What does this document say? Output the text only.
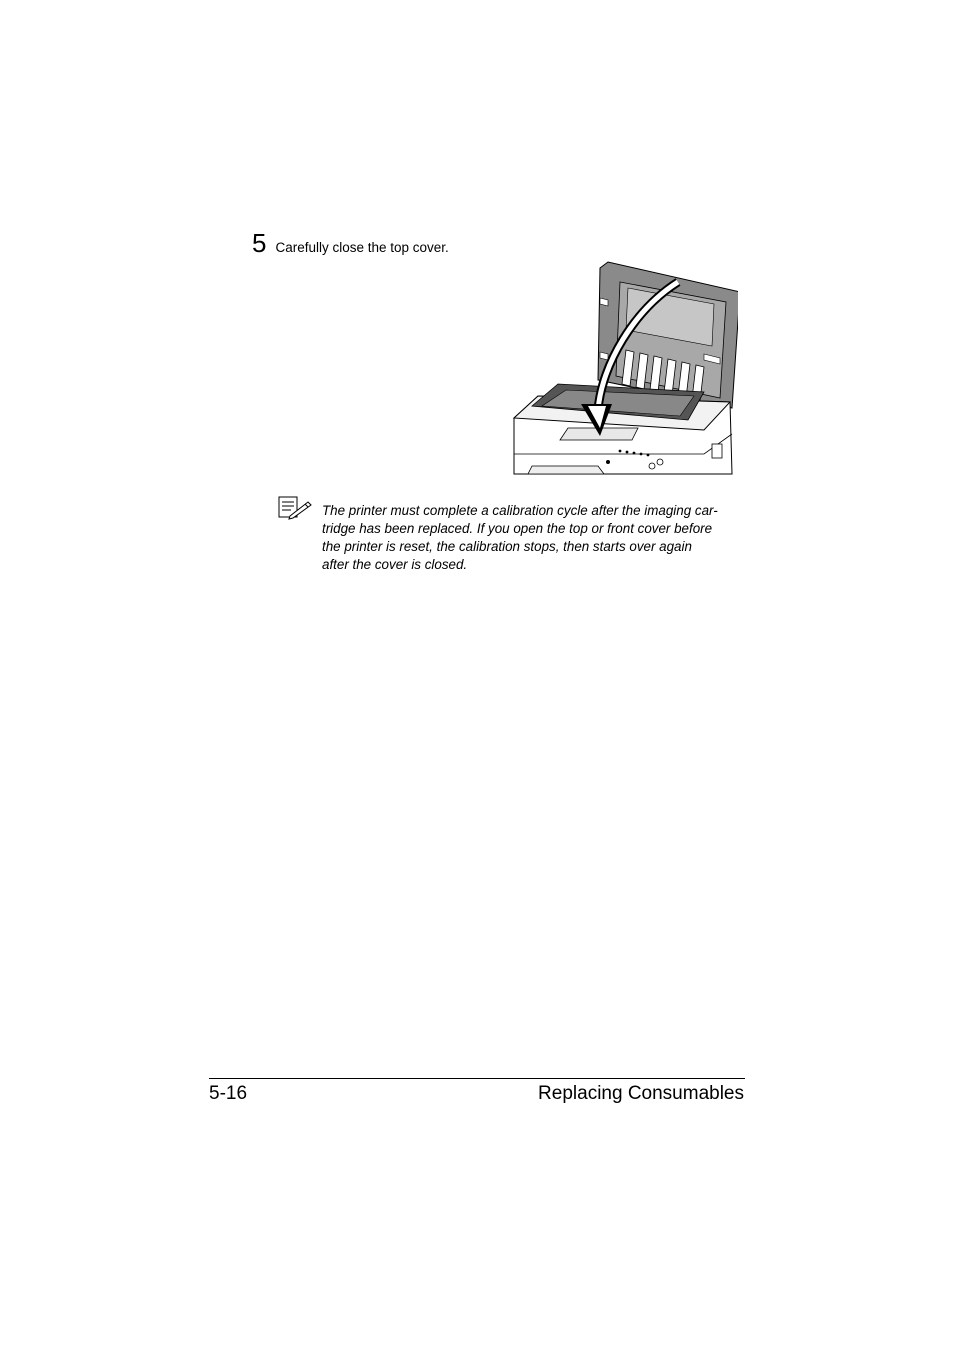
5 Carefully close the top cover.
The printer must complete a calibration cycle after the imaging car-
tridge has been replaced. If you open the top or front cover before
the printer is reset, the calibration stops, then starts over again
after the cover is closed.
5-16	Replacing Consumables
